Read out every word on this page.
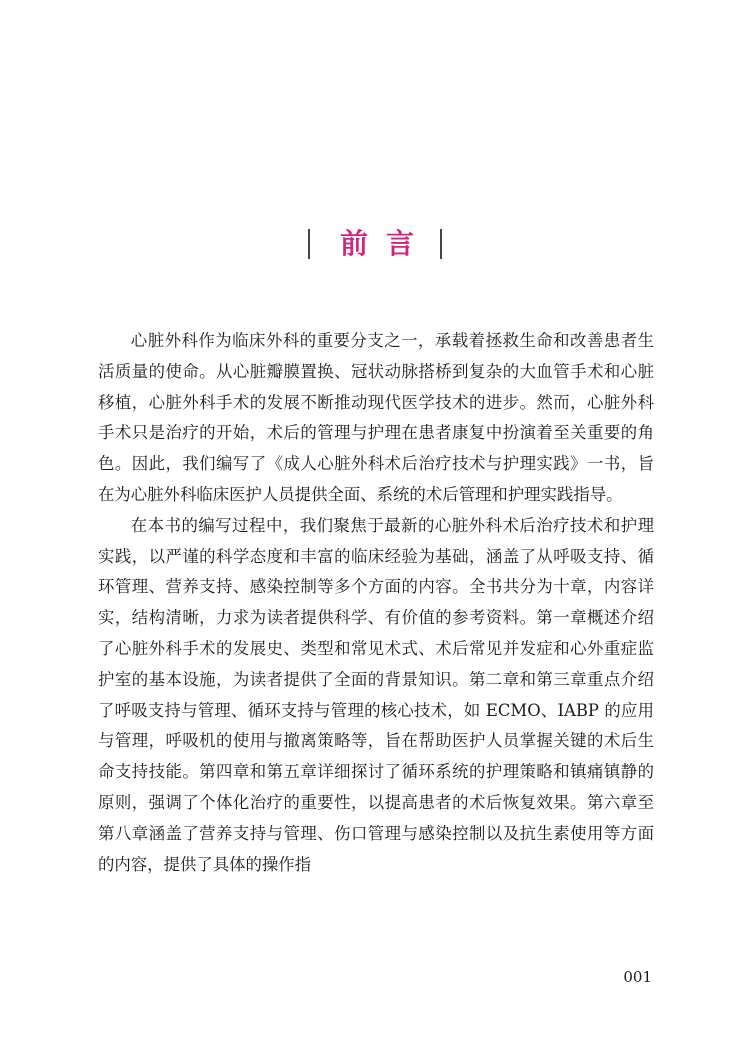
前言

心脏外科作为临床外科的重要分支之一，承载着拯救生命和改善患者生活质量的使命。从心脏瓣膜置换、冠状动脉搭桥到复杂的大血管手术和心脏移植，心脏外科手术的发展不断推动现代医学技术的进步。然而，心脏外科手术只是治疗的开始，术后的管理与护理在患者康复中扮演着至关重要的角色。因此，我们编写了《成人心脏外科术后治疗技术与护理实践》一书，旨在为心脏外科临床医护人员提供全面、系统的术后管理和护理实践指导。

在本书的编写过程中，我们聚焦于最新的心脏外科术后治疗技术和护理实践，以严谨的科学态度和丰富的临床经验为基础，涵盖了从呼吸支持、循环管理、营养支持、感染控制等多个方面的内容。全书共分为十章，内容详实，结构清晰，力求为读者提供科学、有价值的参考资料。第一章概述介绍了心脏外科手术的发展史、类型和常见术式、术后常见并发症和心外重症监护室的基本设施，为读者提供了全面的背景知识。第二章和第三章重点介绍了呼吸支持与管理、循环支持与管理的核心技术，如 ECMO、IABP 的应用与管理，呼吸机的使用与撤离策略等，旨在帮助医护人员掌握关键的术后生命支持技能。第四章和第五章详细探讨了循环系统的护理策略和镇痛镇静的原则，强调了个体化治疗的重要性，以提高患者的术后恢复效果。第六章至第八章涵盖了营养支持与管理、伤口管理与感染控制以及抗生素使用等方面的内容，提供了具体的操作指

001
